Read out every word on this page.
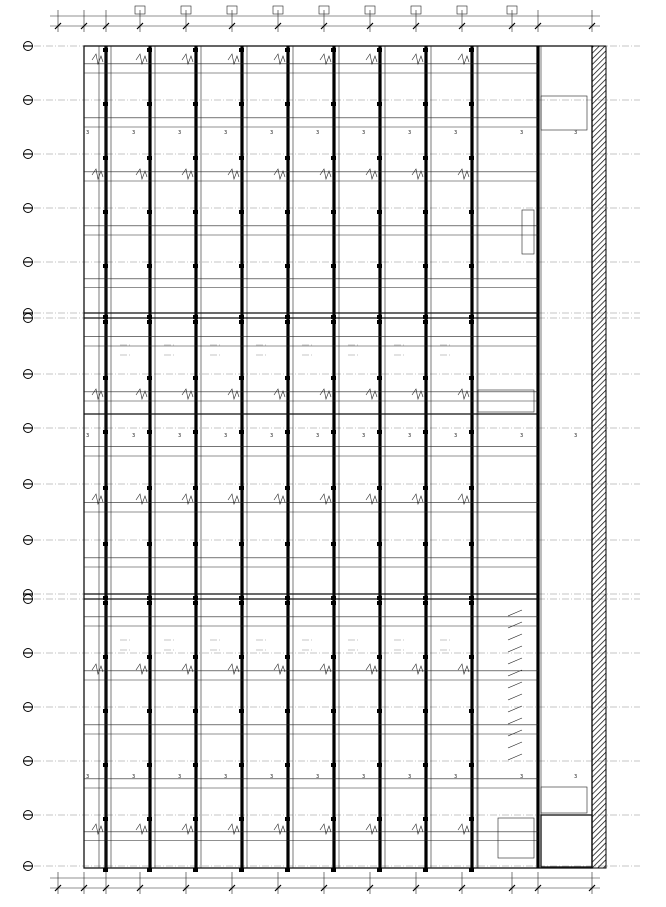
3	3	3	3	3	3	3	3	3	3	3
3	3	3	3	3	3	3	3	3	3	3
3	3	3	3	3	3	3	3	3	3	3
